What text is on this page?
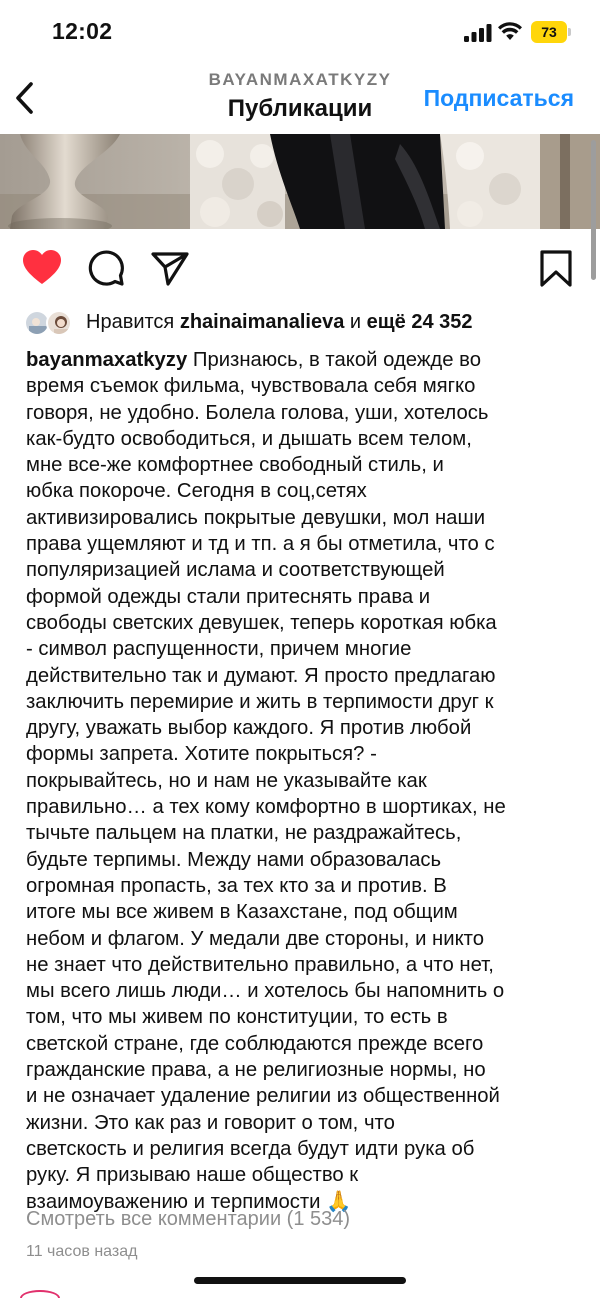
12:02	73
BAYANMAXATKYZY
Публикации	Подписаться
Нравится zhainaimanalieva и ещё 24 352
bayanmaxatkyzy Признаюсь, в такой одежде во
время съемок фильма, чувствовала себя мягко
говоря, не удобно. Болела голова, уши, хотелось
как-будто освободиться, и дышать всем телом,
мне все-же комфортнее свободный стиль, и
юбка покороче. Сегодня в соц,сетях
активизировались покрытые девушки, мол наши
права ущемляют и тд и тп. а я бы отметила, что с
популяризацией ислама и соответствующей
формой одежды стали притеснять права и
свободы светских девушек, теперь короткая юбка
- символ распущенности, причем многие
действительно так и думают. Я просто предлагаю
заключить перемирие и жить в терпимости друг к
другу, уважать выбор каждого. Я против любой
формы запрета. Хотите покрыться? -
покрывайтесь, но и нам не указывайте как
правильно… а тех кому комфортно в шортиках, не
тычьте пальцем на платки, не раздражайтесь,
будьте терпимы. Между нами образовалась
огромная пропасть, за тех кто за и против. В
итоге мы все живем в Казахстане, под общим
небом и флагом. У медали две стороны, и никто
не знает что действительно правильно, а что нет,
мы всего лишь люди… и хотелось бы напомнить о
том, что мы живем по конституции, то есть в
светской стране, где соблюдаются прежде всего
гражданские права, а не религиозные нормы, но
и не означает удаление религии из общественной
жизни. Это как раз и говорит о том, что
светскость и религия всегда будут идти рука об
руку. Я призываю наше общество к
взаимоуважению и терпимости 🙏
Смотреть все комментарии (1 534)
11 часов назад
